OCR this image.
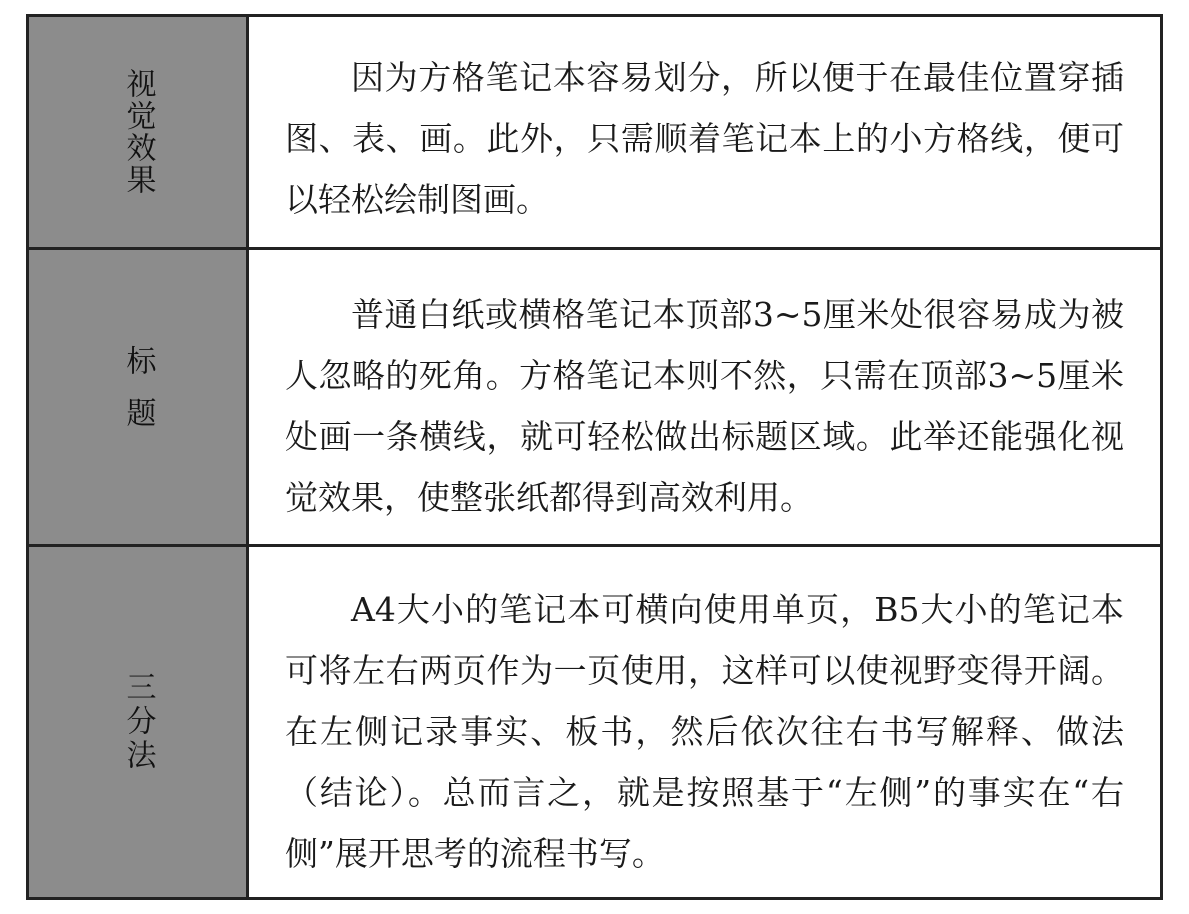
视觉效果	因为方格笔记本容易划分，所以便于在最佳位置穿插图、表、画。此外，只需顺着笔记本上的小方格线，便可以轻松绘制图画。

标题

普通白纸或横格笔记本顶部3~5厘米处很容易成为被人忽略的死角。方格笔记本则不然，只需在顶部3~5厘米处画一条横线，就可轻松做出标题区域。此举还能强化视觉效果，使整张纸都得到高效利用。

三分法

A4大小的笔记本可横向使用单页，B5大小的笔记本可将左右两页作为一页使用，这样可以使视野变得开阔。在左侧记录事实、板书，然后依次往右书写解释、做法（结论）。总而言之，就是按照基于“左侧”的事实在“右侧”展开思考的流程书写。
